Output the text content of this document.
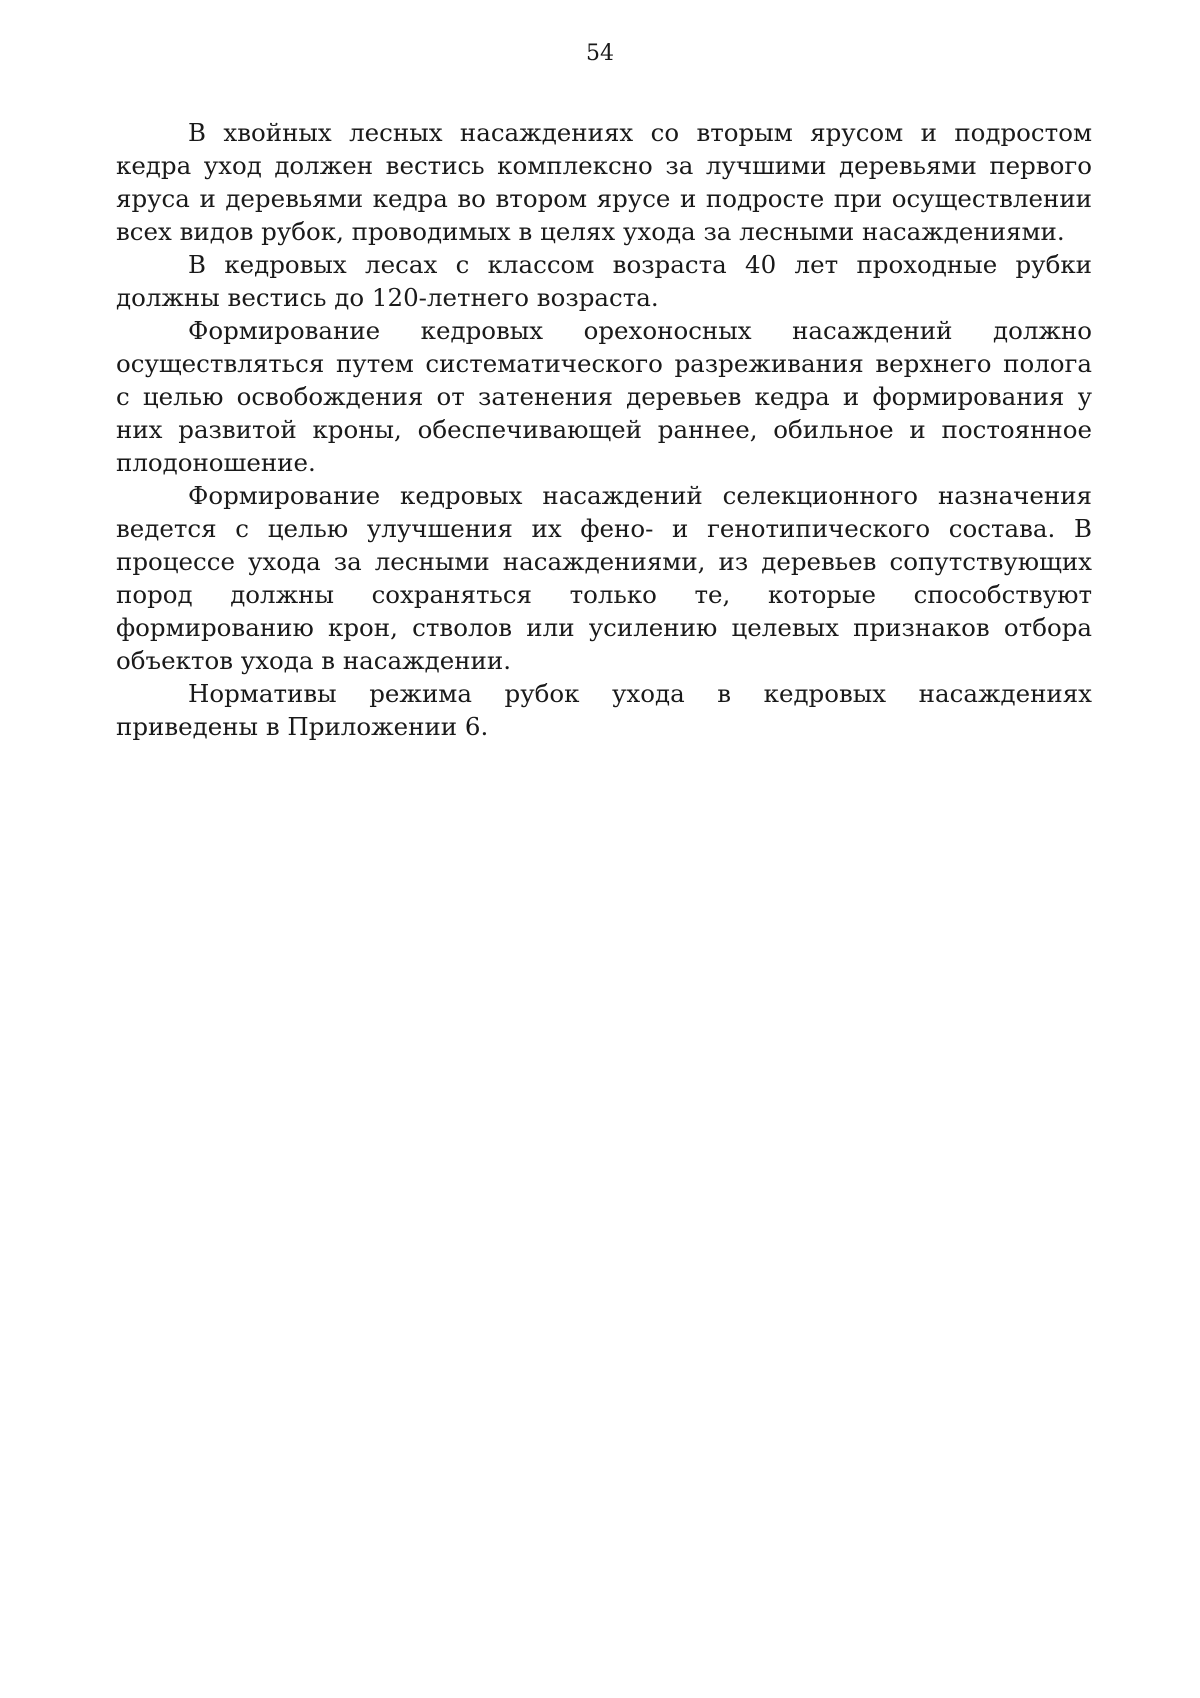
54

В хвойных лесных насаждениях со вторым ярусом и подростом кедра уход должен вестись комплексно за лучшими деревьями первого яруса и деревьями кедра во втором ярусе и подросте при осуществлении всех видов рубок, проводимых в целях ухода за лесными насаждениями.

В кедровых лесах с классом возраста 40 лет проходные рубки должны вестись до 120-летнего возраста.

Формирование кедровых орехоносных насаждений должно осуществляться путем систематического разреживания верхнего полога с целью освобождения от затенения деревьев кедра и формирования у них развитой кроны, обеспечивающей раннее, обильное и постоянное плодоношение.

Формирование кедровых насаждений селекционного назначения ведется с целью улучшения их фено- и генотипического состава. В процессе ухода за лесными насаждениями, из деревьев сопутствующих пород должны сохраняться только те, которые способствуют формированию крон, стволов или усилению целевых признаков отбора объектов ухода в насаждении.

Нормативы режима рубок ухода в кедровых насаждениях приведены в Приложении 6.
